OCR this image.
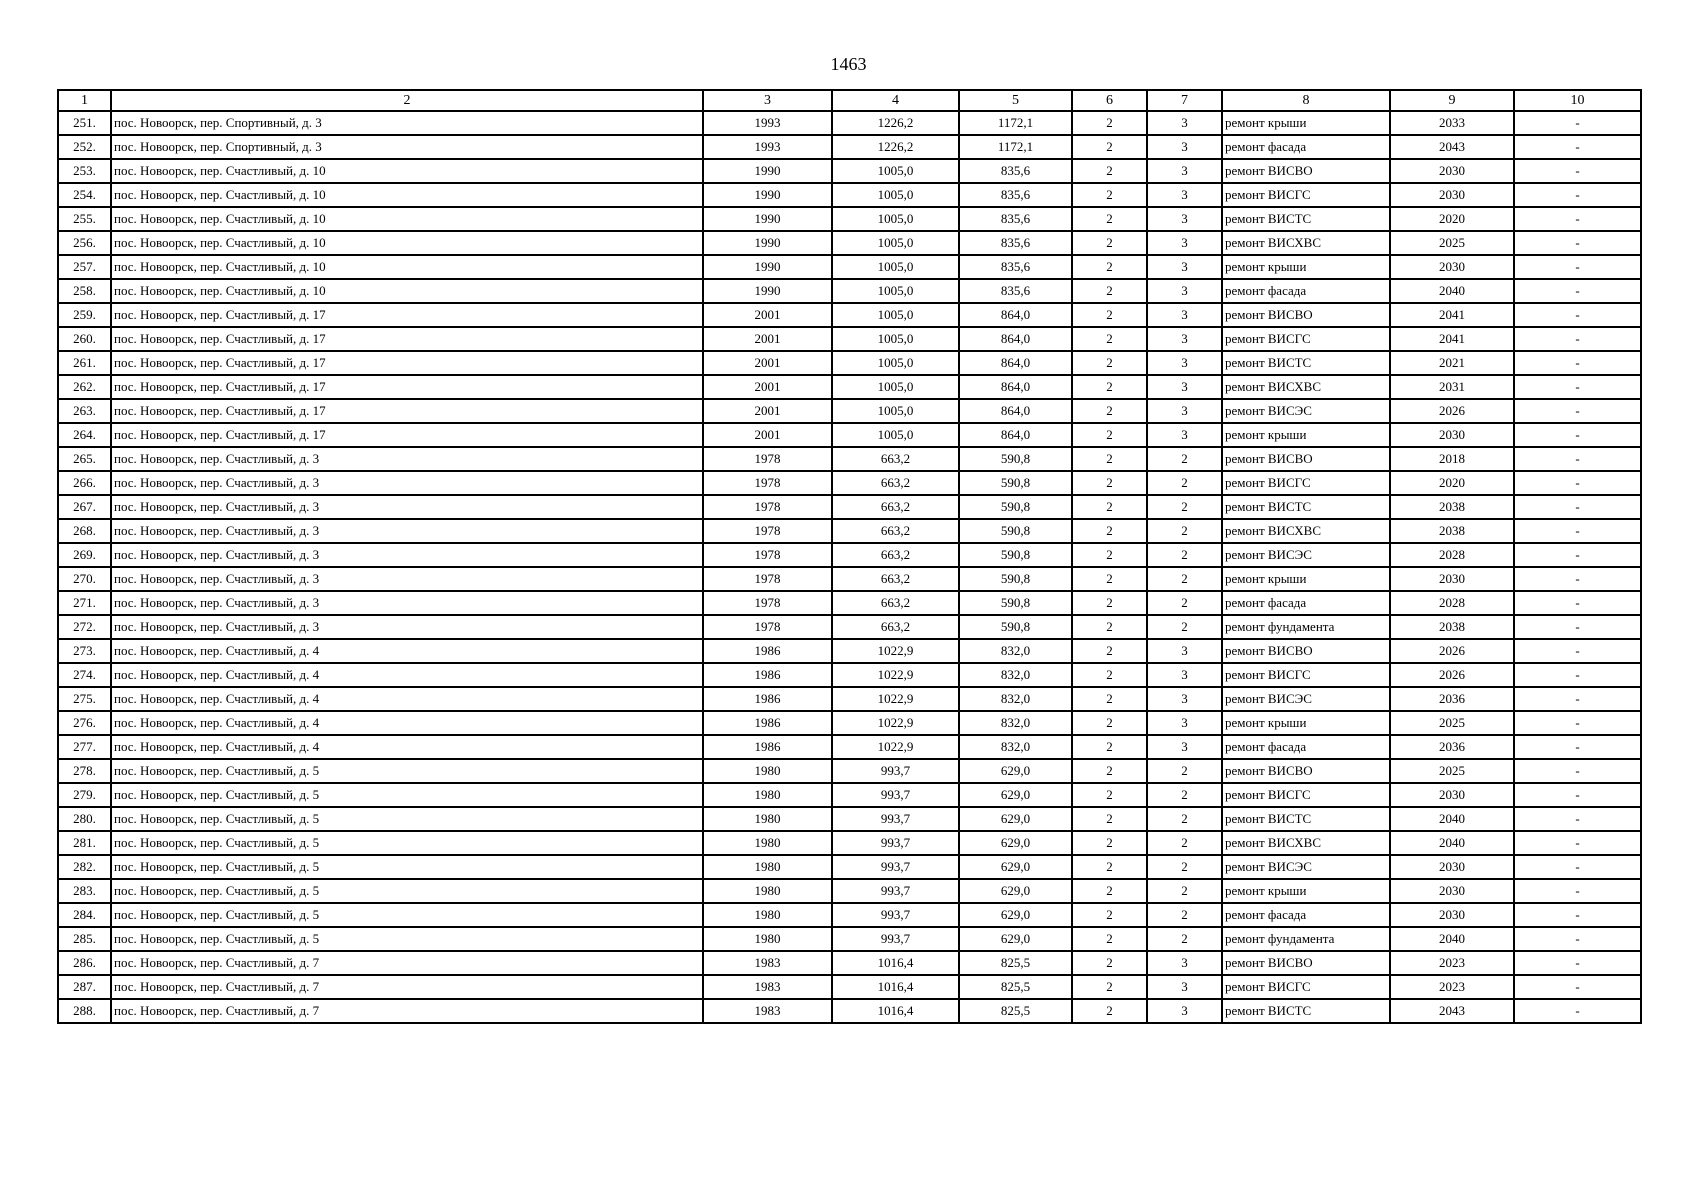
1463
1	2	3	4	5	6	7	8	9	10
251.	пос. Новоорск, пер. Спортивный, д. 3	1993	1226,2	1172,1	2	3	ремонт крыши	2033	-
252.	пос. Новоорск, пер. Спортивный, д. 3	1993	1226,2	1172,1	2	3	ремонт фасада	2043	-
253.	пос. Новоорск, пер. Счастливый, д. 10	1990	1005,0	835,6	2	3	ремонт ВИСВО	2030	-
254.	пос. Новоорск, пер. Счастливый, д. 10	1990	1005,0	835,6	2	3	ремонт ВИСГС	2030	-
255.	пос. Новоорск, пер. Счастливый, д. 10	1990	1005,0	835,6	2	3	ремонт ВИСТС	2020	-
256.	пос. Новоорск, пер. Счастливый, д. 10	1990	1005,0	835,6	2	3	ремонт ВИСХВС	2025	-
257.	пос. Новоорск, пер. Счастливый, д. 10	1990	1005,0	835,6	2	3	ремонт крыши	2030	-
258.	пос. Новоорск, пер. Счастливый, д. 10	1990	1005,0	835,6	2	3	ремонт фасада	2040	-
259.	пос. Новоорск, пер. Счастливый, д. 17	2001	1005,0	864,0	2	3	ремонт ВИСВО	2041	-
260.	пос. Новоорск, пер. Счастливый, д. 17	2001	1005,0	864,0	2	3	ремонт ВИСГС	2041	-
261.	пос. Новоорск, пер. Счастливый, д. 17	2001	1005,0	864,0	2	3	ремонт ВИСТС	2021	-
262.	пос. Новоорск, пер. Счастливый, д. 17	2001	1005,0	864,0	2	3	ремонт ВИСХВС	2031	-
263.	пос. Новоорск, пер. Счастливый, д. 17	2001	1005,0	864,0	2	3	ремонт ВИСЭС	2026	-
264.	пос. Новоорск, пер. Счастливый, д. 17	2001	1005,0	864,0	2	3	ремонт крыши	2030	-
265.	пос. Новоорск, пер. Счастливый, д. 3	1978	663,2	590,8	2	2	ремонт ВИСВО	2018	-
266.	пос. Новоорск, пер. Счастливый, д. 3	1978	663,2	590,8	2	2	ремонт ВИСГС	2020	-
267.	пос. Новоорск, пер. Счастливый, д. 3	1978	663,2	590,8	2	2	ремонт ВИСТС	2038	-
268.	пос. Новоорск, пер. Счастливый, д. 3	1978	663,2	590,8	2	2	ремонт ВИСХВС	2038	-
269.	пос. Новоорск, пер. Счастливый, д. 3	1978	663,2	590,8	2	2	ремонт ВИСЭС	2028	-
270.	пос. Новоорск, пер. Счастливый, д. 3	1978	663,2	590,8	2	2	ремонт крыши	2030	-
271.	пос. Новоорск, пер. Счастливый, д. 3	1978	663,2	590,8	2	2	ремонт фасада	2028	-
272.	пос. Новоорск, пер. Счастливый, д. 3	1978	663,2	590,8	2	2	ремонт фундамента	2038	-
273.	пос. Новоорск, пер. Счастливый, д. 4	1986	1022,9	832,0	2	3	ремонт ВИСВО	2026	-
274.	пос. Новоорск, пер. Счастливый, д. 4	1986	1022,9	832,0	2	3	ремонт ВИСГС	2026	-
275.	пос. Новоорск, пер. Счастливый, д. 4	1986	1022,9	832,0	2	3	ремонт ВИСЭС	2036	-
276.	пос. Новоорск, пер. Счастливый, д. 4	1986	1022,9	832,0	2	3	ремонт крыши	2025	-
277.	пос. Новоорск, пер. Счастливый, д. 4	1986	1022,9	832,0	2	3	ремонт фасада	2036	-
278.	пос. Новоорск, пер. Счастливый, д. 5	1980	993,7	629,0	2	2	ремонт ВИСВО	2025	-
279.	пос. Новоорск, пер. Счастливый, д. 5	1980	993,7	629,0	2	2	ремонт ВИСГС	2030	-
280.	пос. Новоорск, пер. Счастливый, д. 5	1980	993,7	629,0	2	2	ремонт ВИСТС	2040	-
281.	пос. Новоорск, пер. Счастливый, д. 5	1980	993,7	629,0	2	2	ремонт ВИСХВС	2040	-
282.	пос. Новоорск, пер. Счастливый, д. 5	1980	993,7	629,0	2	2	ремонт ВИСЭС	2030	-
283.	пос. Новоорск, пер. Счастливый, д. 5	1980	993,7	629,0	2	2	ремонт крыши	2030	-
284.	пос. Новоорск, пер. Счастливый, д. 5	1980	993,7	629,0	2	2	ремонт фасада	2030	-
285.	пос. Новоорск, пер. Счастливый, д. 5	1980	993,7	629,0	2	2	ремонт фундамента	2040	-
286.	пос. Новоорск, пер. Счастливый, д. 7	1983	1016,4	825,5	2	3	ремонт ВИСВО	2023	-
287.	пос. Новоорск, пер. Счастливый, д. 7	1983	1016,4	825,5	2	3	ремонт ВИСГС	2023	-
288.	пос. Новоорск, пер. Счастливый, д. 7	1983	1016,4	825,5	2	3	ремонт ВИСТС	2043	-
